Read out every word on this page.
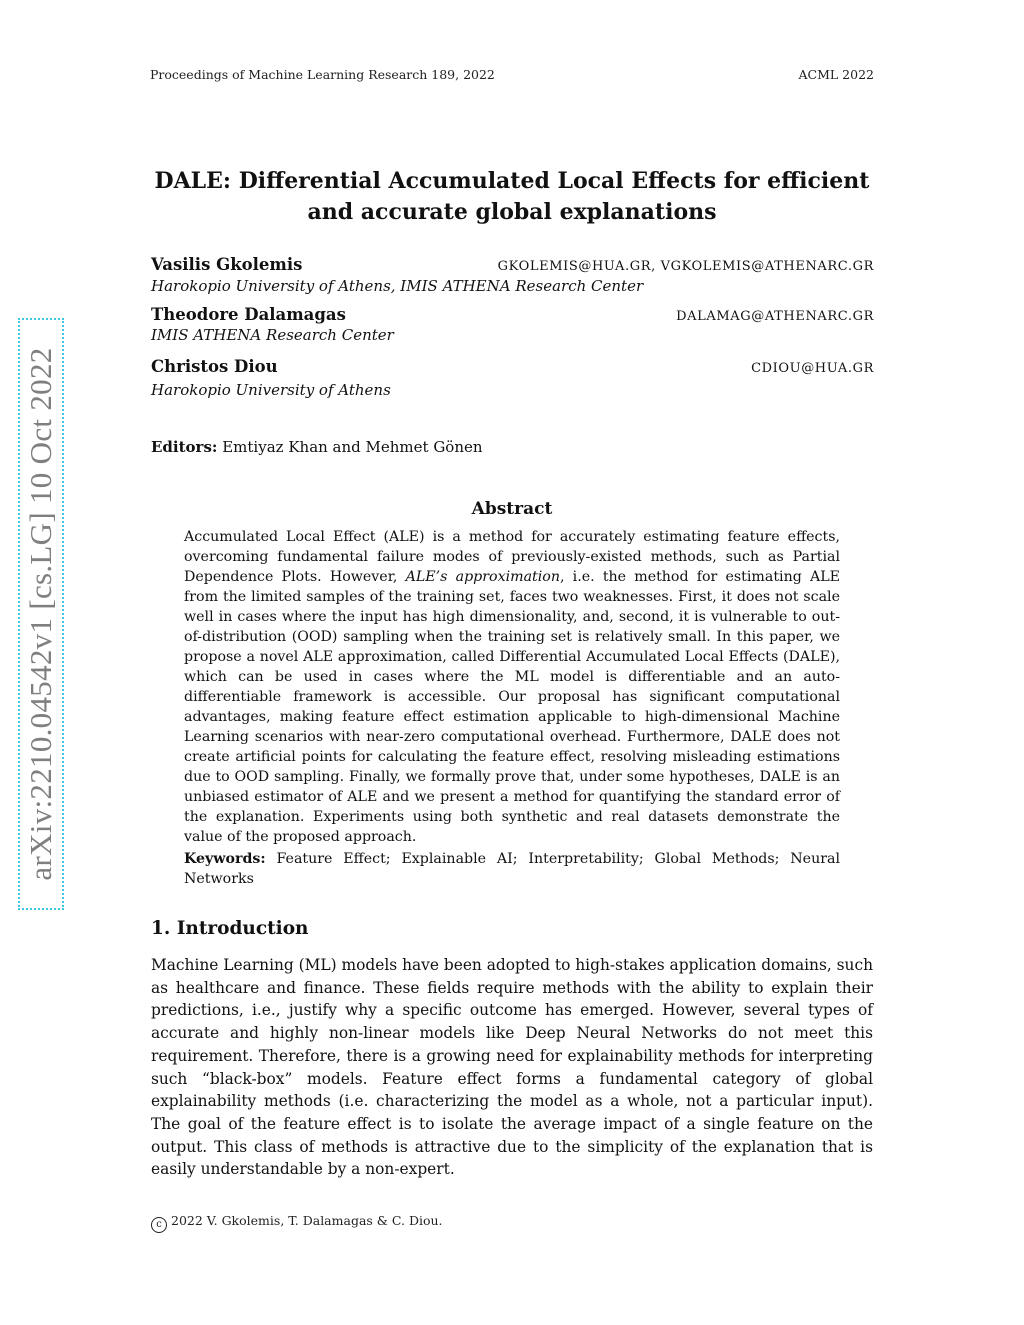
Proceedings of Machine Learning Research 189, 2022	ACML 2022
arXiv:2210.04542v1 [cs.LG] 10 Oct 2022
DALE: Differential Accumulated Local Effects for efficient and accurate global explanations
Vasilis Gkolemis	GKOLEMIS@HUA.GR, VGKOLEMIS@ATHENARC.GR
Harokopio University of Athens, IMIS ATHENA Research Center
Theodore Dalamagas	DALAMAG@ATHENARC.GR
IMIS ATHENA Research Center
Christos Diou	CDIOU@HUA.GR
Harokopio University of Athens
Editors: Emtiyaz Khan and Mehmet Gönen
Abstract
Accumulated Local Effect (ALE) is a method for accurately estimating feature effects, overcoming fundamental failure modes of previously-existed methods, such as Partial Dependence Plots. However, ALE’s approximation, i.e. the method for estimating ALE from the limited samples of the training set, faces two weaknesses. First, it does not scale well in cases where the input has high dimensionality, and, second, it is vulnerable to out-of-distribution (OOD) sampling when the training set is relatively small. In this paper, we propose a novel ALE approximation, called Differential Accumulated Local Effects (DALE), which can be used in cases where the ML model is differentiable and an auto-differentiable framework is accessible. Our proposal has significant computational advantages, making feature effect estimation applicable to high-dimensional Machine Learning scenarios with near-zero computational overhead. Furthermore, DALE does not create artificial points for calculating the feature effect, resolving misleading estimations due to OOD sampling. Finally, we formally prove that, under some hypotheses, DALE is an unbiased estimator of ALE and we present a method for quantifying the standard error of the explanation. Experiments using both synthetic and real datasets demonstrate the value of the proposed approach.
Keywords: Feature Effect; Explainable AI; Interpretability; Global Methods; Neural Networks
1. Introduction
Machine Learning (ML) models have been adopted to high-stakes application domains, such as healthcare and finance. These fields require methods with the ability to explain their predictions, i.e., justify why a specific outcome has emerged. However, several types of accurate and highly non-linear models like Deep Neural Networks do not meet this requirement. Therefore, there is a growing need for explainability methods for interpreting such “black-box” models. Feature effect forms a fundamental category of global explainability methods (i.e. characterizing the model as a whole, not a particular input). The goal of the feature effect is to isolate the average impact of a single feature on the output. This class of methods is attractive due to the simplicity of the explanation that is easily understandable by a non-expert.
c 2022 V. Gkolemis, T. Dalamagas & C. Diou.
